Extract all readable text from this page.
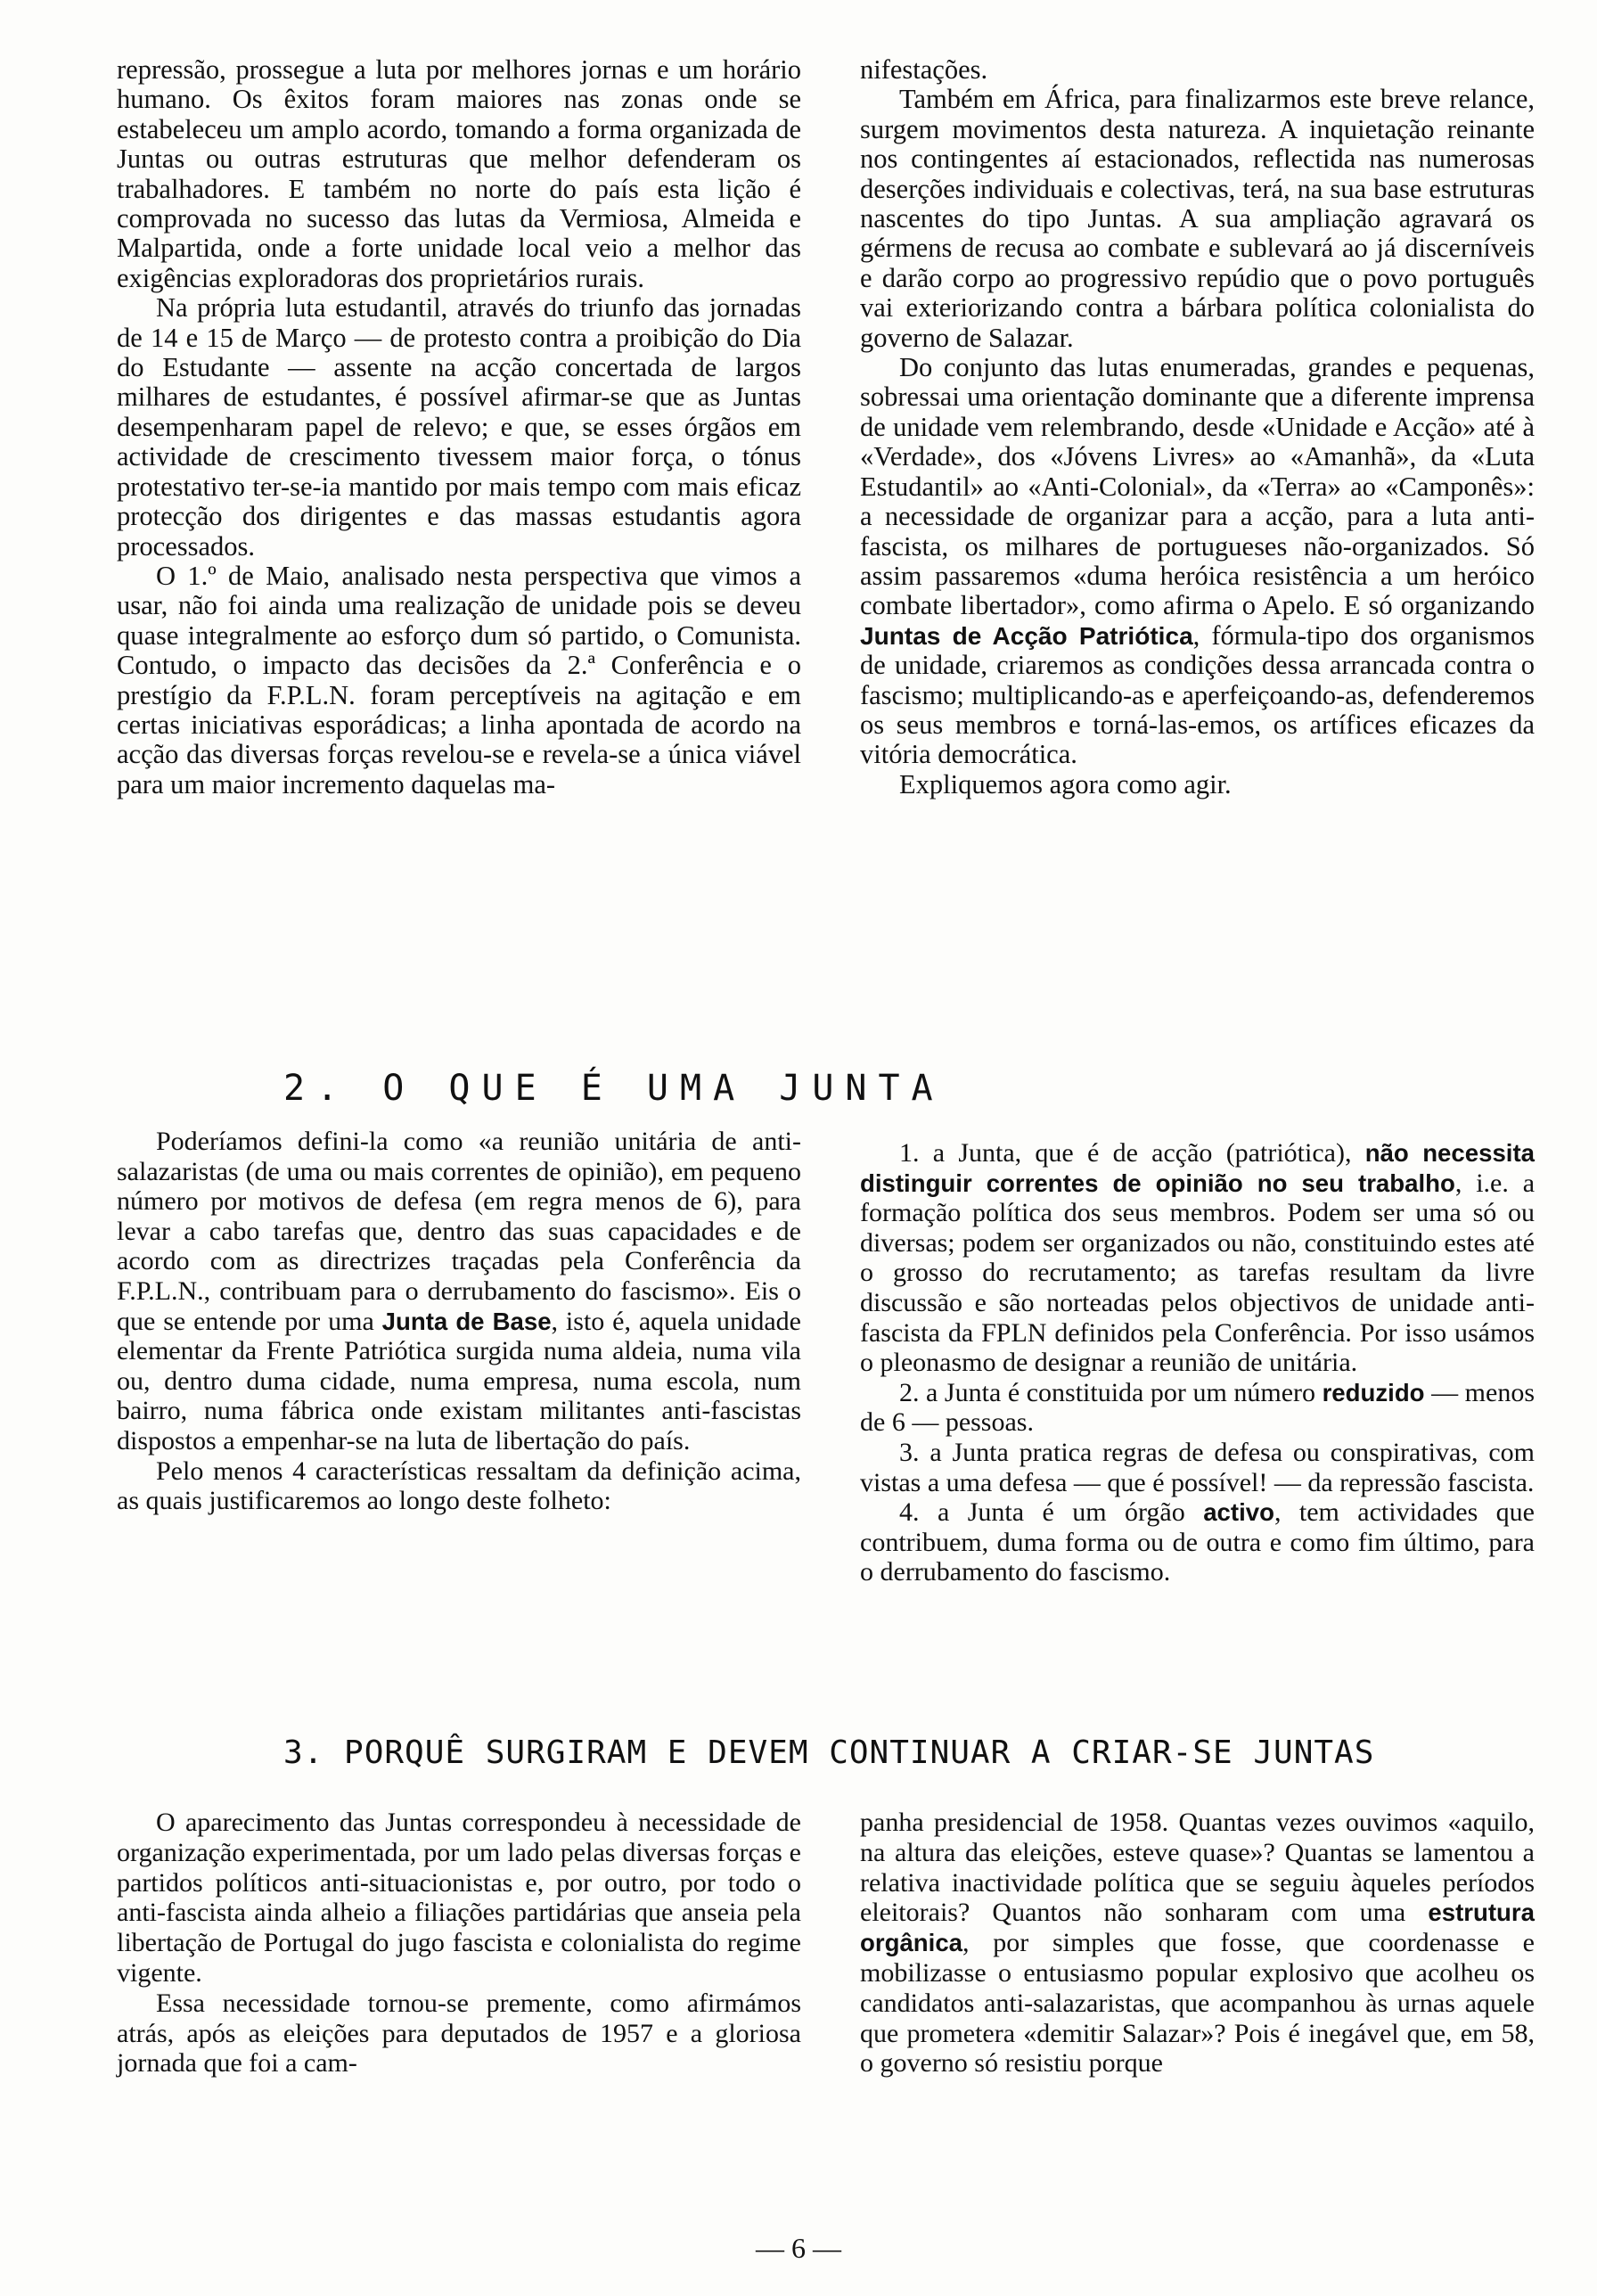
repressão, prossegue a luta por melhores jornas e um horário humano. Os êxitos foram maiores nas zonas onde se estabeleceu um amplo acordo, tomando a forma organizada de Juntas ou outras estruturas que melhor defenderam os trabalhadores. E também no norte do país esta lição é comprovada no sucesso das lutas da Vermiosa, Almeida e Malpartida, onde a forte unidade local veio a melhor das exigências exploradoras dos proprietários rurais.

Na própria luta estudantil, através do triunfo das jornadas de 14 e 15 de Março — de protesto contra a proibição do Dia do Estudante — assente na acção concertada de largos milhares de estudantes, é possível afirmar-se que as Juntas desempenharam papel de relevo; e que, se esses órgãos em actividade de crescimento tivessem maior força, o tónus protestativo ter-se-ia mantido por mais tempo com mais eficaz protecção dos dirigentes e das massas estudantis agora processados.

O 1.º de Maio, analisado nesta perspectiva que vimos a usar, não foi ainda uma realização de unidade pois se deveu quase integralmente ao esforço dum só partido, o Comunista. Contudo, o impacto das decisões da 2.ª Conferência e o prestígio da F.P.L.N. foram perceptíveis na agitação e em certas iniciativas esporádicas; a linha apontada de acordo na acção das diversas forças revelou-se e revela-se a única viável para um maior incremento daquelas ma-

nifestações.

Também em África, para finalizarmos este breve relance, surgem movimentos desta natureza. A inquietação reinante nos contingentes aí estacionados, reflectida nas numerosas deserções individuais e colectivas, terá, na sua base estruturas nascentes do tipo Juntas. A sua ampliação agravará os gérmens de recusa ao combate e sublevará ao já discerníveis e darão corpo ao progressivo repúdio que o povo português vai exteriorizando contra a bárbara política colonialista do governo de Salazar.

Do conjunto das lutas enumeradas, grandes e pequenas, sobressai uma orientação dominante que a diferente imprensa de unidade vem relembrando, desde «Unidade e Acção» até à «Verdade», dos «Jóvens Livres» ao «Amanhã», da «Luta Estudantil» ao «Anti-Colonial», da «Terra» ao «Camponês»: a necessidade de organizar para a acção, para a luta anti-fascista, os milhares de portugueses não-organizados. Só assim passaremos «duma heróica resistência a um heróico combate libertador», como afirma o Apelo. E só organizando Juntas de Acção Patriótica, fórmula-tipo dos organismos de unidade, criaremos as condições dessa arrancada contra o fascismo; multiplicando-as e aperfeiçoando-as, defenderemos os seus membros e torná-las-emos, os artífices eficazes da vitória democrática.

Expliquemos agora como agir.

2. O QUE É UMA JUNTA

Poderíamos defini-la como «a reunião unitária de anti-salazaristas (de uma ou mais correntes de opinião), em pequeno número por motivos de defesa (em regra menos de 6), para levar a cabo tarefas que, dentro das suas capacidades e de acordo com as directrizes traçadas pela Conferência da F.P.L.N., contribuam para o derrubamento do fascismo». Eis o que se entende por uma Junta de Base, isto é, aquela unidade elementar da Frente Patriótica surgida numa aldeia, numa vila ou, dentro duma cidade, numa empresa, numa escola, num bairro, numa fábrica onde existam militantes anti-fascistas dispostos a empenhar-se na luta de libertação do país.

Pelo menos 4 características ressaltam da definição acima, as quais justificaremos ao longo deste folheto:

1. a Junta, que é de acção (patriótica), não necessita distinguir correntes de opinião no seu trabalho, i.e. a formação política dos seus membros. Podem ser uma só ou diversas; podem ser organizados ou não, constituindo estes até o grosso do recrutamento; as tarefas resultam da livre discussão e são norteadas pelos objectivos de unidade anti-fascista da FPLN definidos pela Conferência. Por isso usámos o pleonasmo de designar a reunião de unitária.

2. a Junta é constituida por um número reduzido — menos de 6 — pessoas.

3. a Junta pratica regras de defesa ou conspirativas, com vistas a uma defesa — que é possível! — da repressão fascista.

4. a Junta é um órgão activo, tem actividades que contribuem, duma forma ou de outra e como fim último, para o derrubamento do fascismo.

3. PORQUÊ SURGIRAM E DEVEM CONTINUAR A CRIAR-SE JUNTAS

O aparecimento das Juntas correspondeu à necessidade de organização experimentada, por um lado pelas diversas forças e partidos políticos anti-situacionistas e, por outro, por todo o anti-fascista ainda alheio a filiações partidárias que anseia pela libertação de Portugal do jugo fascista e colonialista do regime vigente.

Essa necessidade tornou-se premente, como afirmámos atrás, após as eleições para deputados de 1957 e a gloriosa jornada que foi a cam-

panha presidencial de 1958. Quantas vezes ouvimos «aquilo, na altura das eleições, esteve quase»? Quantas se lamentou a relativa inactividade política que se seguiu àqueles períodos eleitorais? Quantos não sonharam com uma estrutura orgânica, por simples que fosse, que coordenasse e mobilizasse o entusiasmo popular explosivo que acolheu os candidatos anti-salazaristas, que acompanhou às urnas aquele que prometera «demitir Salazar»? Pois é inegável que, em 58, o governo só resistiu porque

— 6 —
